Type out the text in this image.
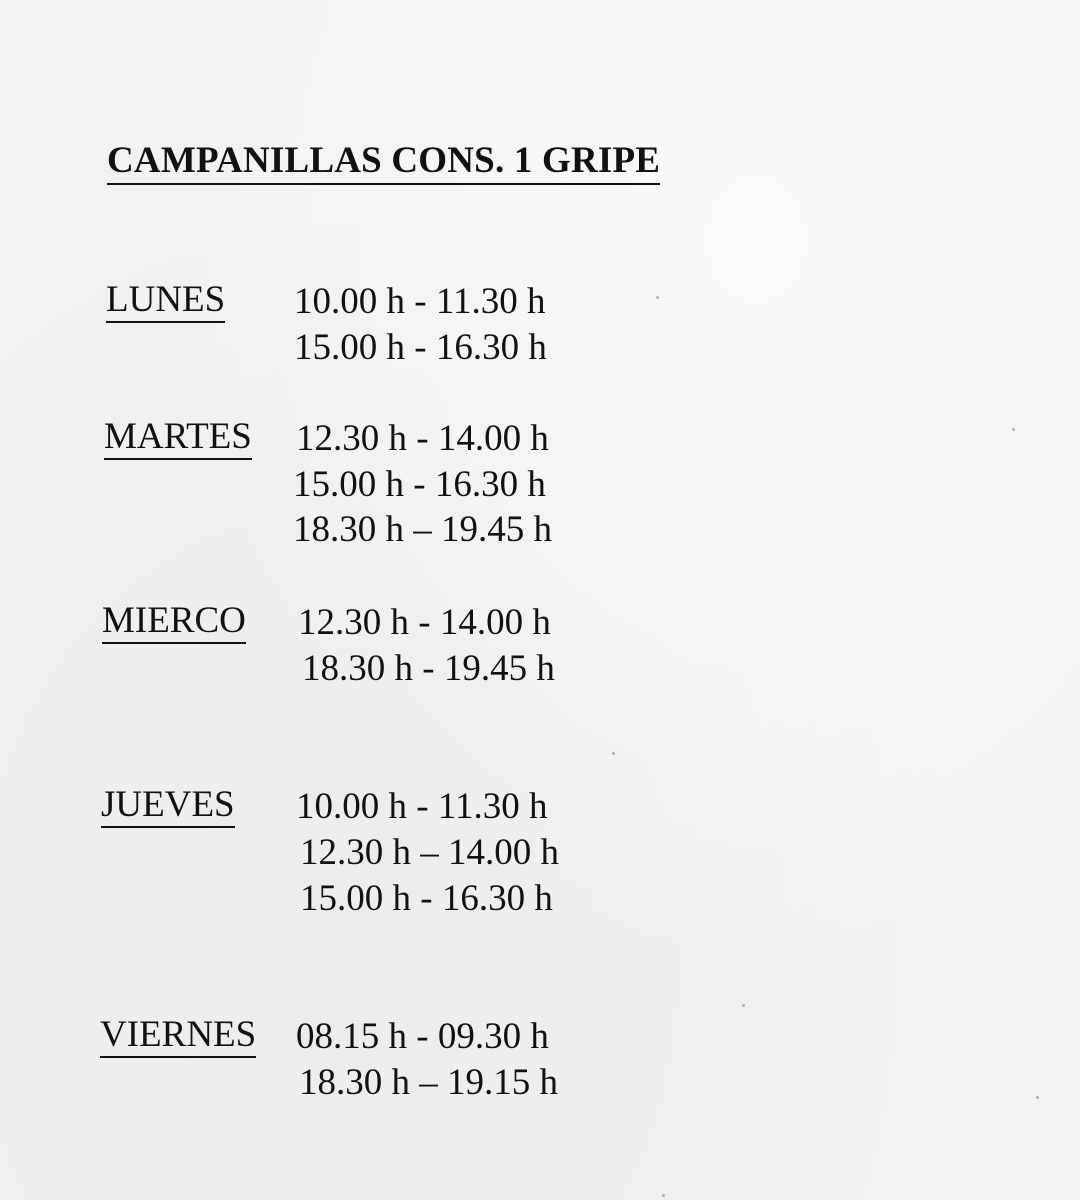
CAMPANILLAS CONS. 1 GRIPE
LUNES 10.00 h - 11.30 h
15.00 h - 16.30 h
MARTES 12.30 h - 14.00 h
15.00 h - 16.30 h
18.30 h – 19.45 h
MIERCO 12.30 h - 14.00 h
18.30 h - 19.45 h
JUEVES 10.00 h - 11.30 h
12.30 h – 14.00 h
15.00 h - 16.30 h
VIERNES 08.15 h - 09.30 h
18.30 h – 19.15 h
